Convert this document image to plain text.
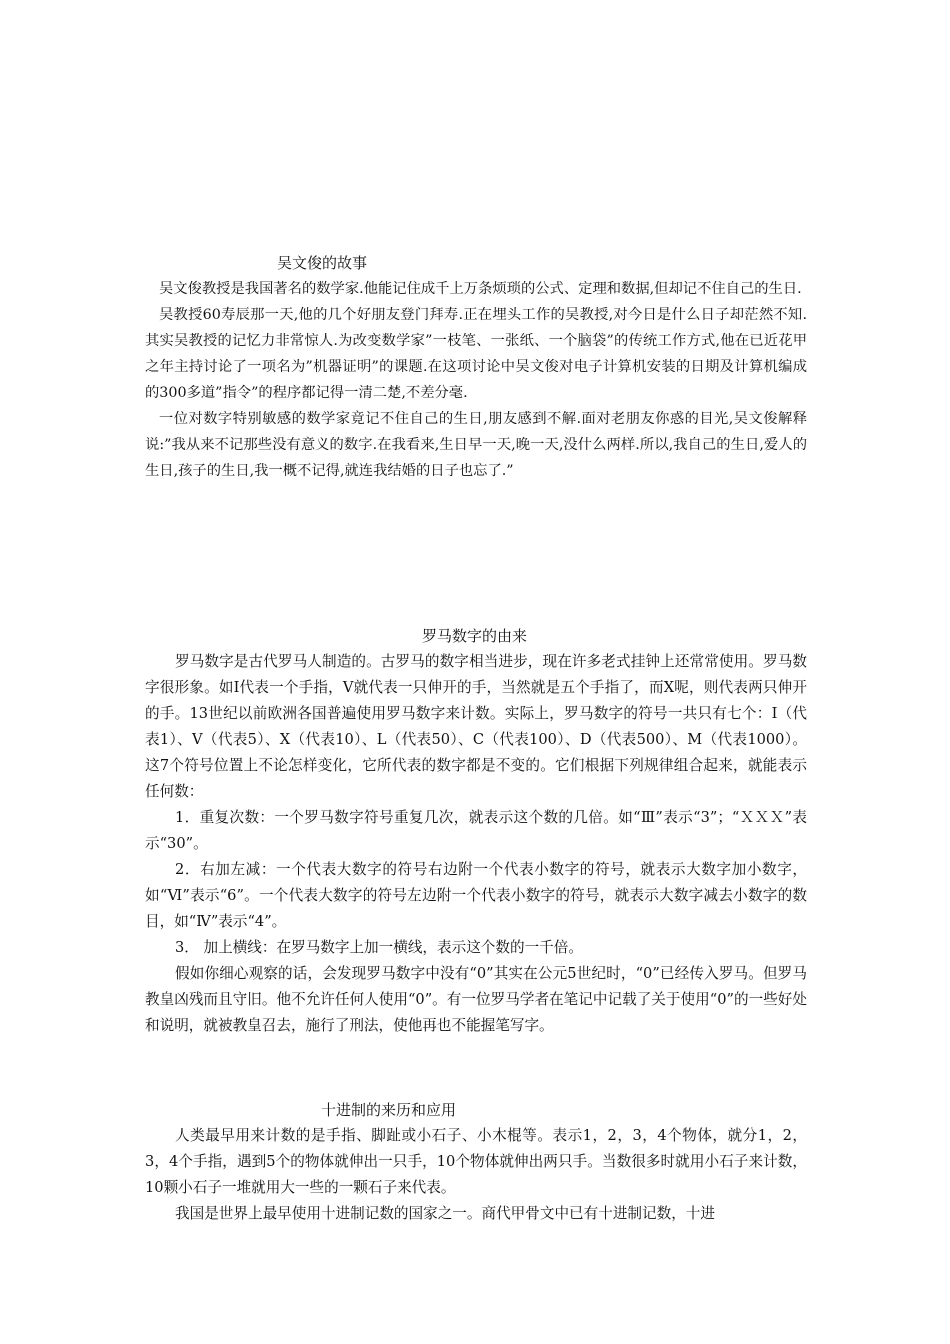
吴文俊的故事

吴文俊教授是我国著名的数学家.他能记住成千上万条烦琐的公式、定理和数据,但却记不住自己的生日.

吴教授60寿辰那一天,他的几个好朋友登门拜寿.正在埋头工作的吴教授,对今日是什么日子却茫然不知.其实吴教授的记忆力非常惊人.为改变数学家”一枝笔、一张纸、一个脑袋”的传统工作方式,他在已近花甲之年主持讨论了一项名为”机器证明”的课题.在这项讨论中吴文俊对电子计算机安装的日期及计算机编成的300多道”指令”的程序都记得一清二楚,不差分毫.

一位对数字特别敏感的数学家竟记不住自己的生日,朋友感到不解.面对老朋友你惑的目光,吴文俊解释说:”我从来不记那些没有意义的数字.在我看来,生日早一天,晚一天,没什么两样.所以,我自己的生日,爱人的生日,孩子的生日,我一概不记得,就连我结婚的日子也忘了.”

罗马数字的由来

罗马数字是古代罗马人制造的。古罗马的数字相当进步，现在许多老式挂钟上还常常使用。罗马数字很形象。如I代表一个手指，V就代表一只伸开的手，当然就是五个手指了，而X呢，则代表两只伸开的手。13世纪以前欧洲各国普遍使用罗马数字来计数。实际上，罗马数字的符号一共只有七个：I（代表1）、V（代表5）、X（代表10）、L（代表50）、C（代表100）、D（代表500）、M（代表1000）。这7个符号位置上不论怎样变化，它所代表的数字都是不变的。它们根据下列规律组合起来，就能表示任何数：

1．重复次数：一个罗马数字符号重复几次，就表示这个数的几倍。如“Ⅲ”表示“3”；“ＸＸＸ”表示“30”。

2．右加左减：一个代表大数字的符号右边附一个代表小数字的符号，就表示大数字加小数字，如“Ⅵ”表示“6”。一个代表大数字的符号左边附一个代表小数字的符号，就表示大数字减去小数字的数目，如“Ⅳ”表示“4”。

3． 加上横线：在罗马数字上加一横线，表示这个数的一千倍。

假如你细心观察的话，会发现罗马数字中没有“0”其实在公元5世纪时，“0”已经传入罗马。但罗马教皇凶残而且守旧。他不允许任何人使用“0”。有一位罗马学者在笔记中记载了关于使用“0”的一些好处和说明，就被教皇召去，施行了刑法，使他再也不能握笔写字。

十进制的来历和应用

人类最早用来计数的是手指、脚趾或小石子、小木棍等。表示1，2，3，4个物体，就分1，2，3，4个手指，遇到5个的物体就伸出一只手，10个物体就伸出两只手。当数很多时就用小石子来计数，10颗小石子一堆就用大一些的一颗石子来代表。

我国是世界上最早使用十进制记数的国家之一。商代甲骨文中已有十进制记数，十进
